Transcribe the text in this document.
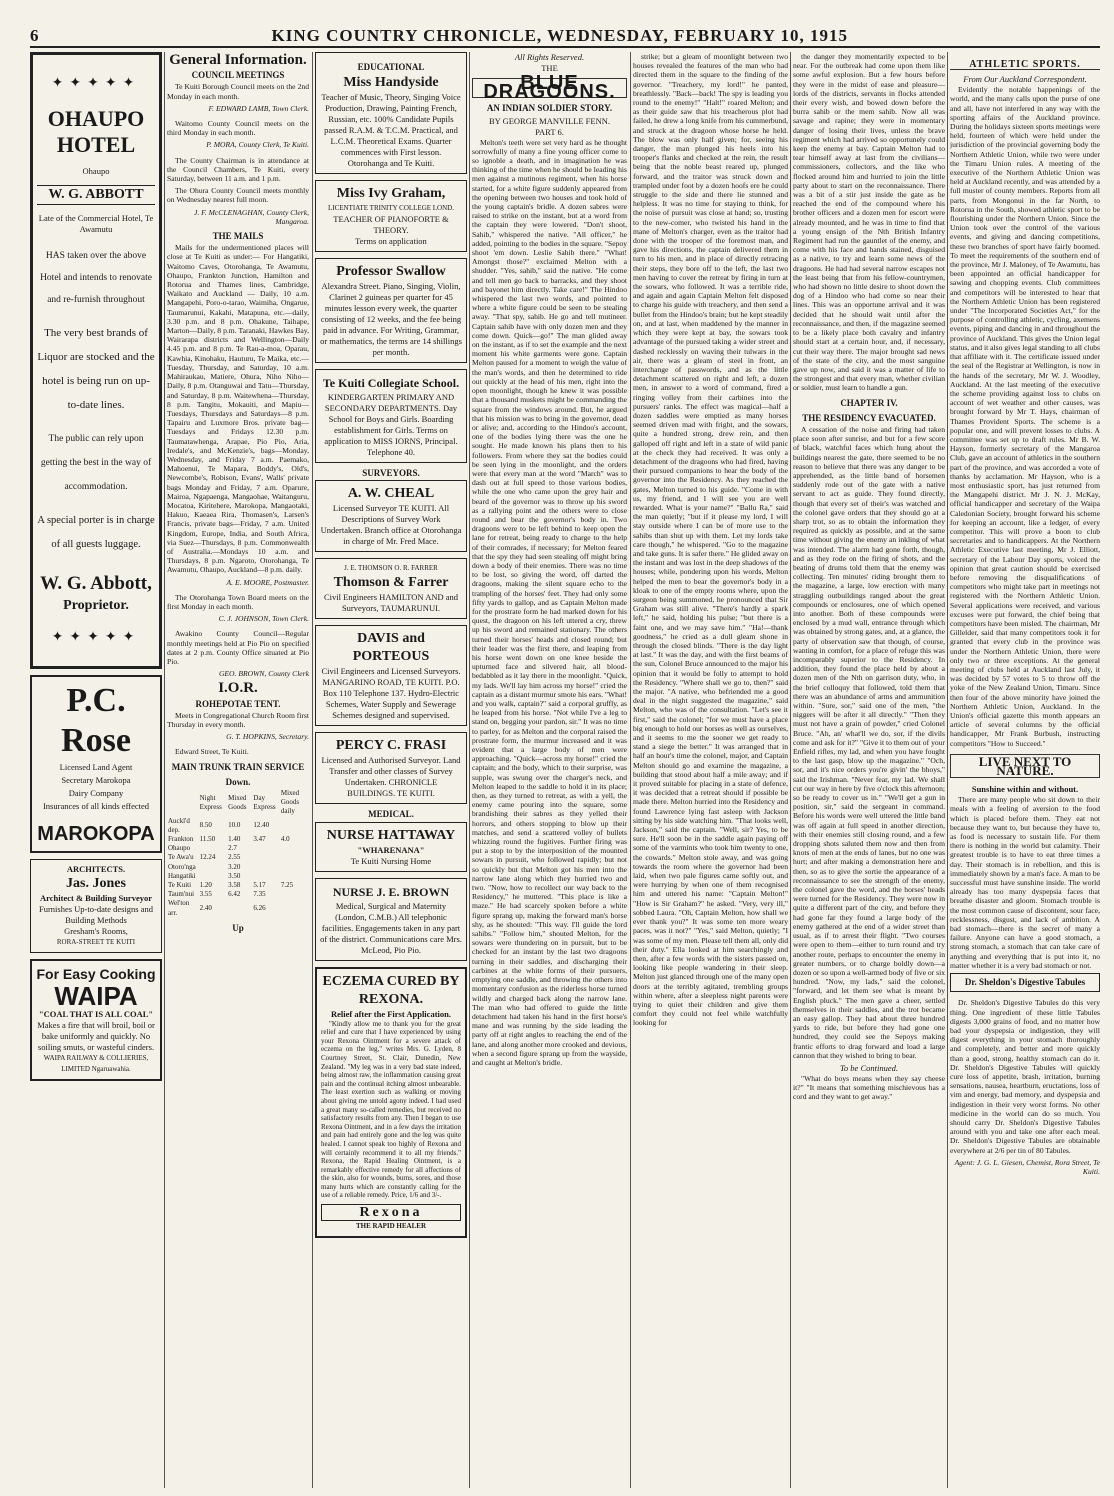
6	KING COUNTRY CHRONICLE, WEDNESDAY, FEBRUARY 10, 1915
✦✦✦✦✦
OHAUPO
HOTEL
Ohaupo
W. G. ABBOTT
Late of the Commercial Hotel, Te Awamutu
HAS taken over the above Hotel and intends to renovate and re-furnish throughout
The very best brands of Liquor are stocked and the hotel is being run on up-to-date lines.
The public can rely upon getting the best in the way of accommodation.
A special porter is in charge of all guests luggage.
W. G. Abbott,
Proprietor.
✦✦✦✦✦
P.C. Rose
Licensed Land Agent
Secretary Marokopa
Dairy Company
Insurances of all kinds effected
MAROKOPA
ARCHITECTS.
Jas. Jones
Architect & Building Surveyor
Furnishes Up-to-date designs and Building Methods
Gresham's Rooms,
RORA-STREET TE KUITI
For Easy Cooking
WAIPA
"COAL THAT IS ALL COAL"
Makes a fire that will broil, boil or bake uniformly and quickly. No soiling smuts, or wasteful cinders.
WAIPA RAILWAY & COLLIERIES, LIMITED Ngaruawahia.
General Information.
COUNCIL MEETINGS

Te Kuiti Borough Council meets on the 2nd Monday in each month.

F. EDWARD LAMB, Town Clerk.

Waitomo County Council meets on the third Monday in each month.

P. MORA, County Clerk, Te Kuiti.

The County Chairman is in attendance at the Council Chambers, Te Kuiti, every Saturday, between 11 a.m. and 1 p.m.

The Ohura County Council meets monthly on Wednesday nearest full moon.

J. F. McCLENAGHAN, County Clerk, Mangaroa.
THE MAILS

Mails for the undermentioned places will close at Te Kuiti as under:— For Hangatiki, Waitomo Caves, Otorohanga, Te Awamutu, Ohaupo, Frankton Junction, Hamilton and Rotorua and Thames lines, Cambridge, Waikato and Auckland — Daily, 10 a.m. Mangapehi, Poro-o-tarao, Waimiha, Ongarue, Taumarunui, Kakahi, Matapuna, etc.—daily, 3.30 p.m. and 8 p.m. Ohakune, Taihape, Marton—Daily, 8 p.m. Taranaki, Hawkes Bay, Wairarapa districts and Wellington—Daily 4.45 p.m. and 8 p.m. Te Rau-a-moa, Oparau, Kawhia, Kinohaku, Hauturu, Te Maika, etc.—Tuesday, Thursday, and Saturday, 10 a.m. Mahiraukau, Matiere, Ohura, Niho Niho—Daily, 8 p.m. Otanguwai and Tatu—Thursday, and Saturday, 8 p.m. Waitewhena—Thursday, 8 p.m. Tangitu, Mokauiti, and Mapiu—Tuesdays, Thursdays and Saturdays—8 p.m. Tapairu and Luxmore Bros. private bag—Tuesdays and Fridays 12.30 p.m. Taumatawhenga, Arapae, Pio Pio, Aria, Iredale's, and McKenzie's, bags—Monday, Wednesday, and Friday 7 a.m. Paemako, Mahoenui, Te Mapara, Boddy's, Old's, Newcombe's, Robison, Evans', Walls' private bags Monday and Friday, 7 a.m. Oparure, Mairoa, Ngapaenga, Mangaohae, Waitanguru, Mocatoa, Kiritehere, Marokopa, Mangaotaki, Hakuo, Kaeaea Rira, Thomasen's, Larsen's Francis, private bags—Friday, 7 a.m. United Kingdom, Europe, India, and South Africa, via Suez—Thursdays, 8 p.m. Commonwealth of Australia.—Mondays 10 a.m. and Thursdays, 8 p.m. Ngaroto, Otorohanga, Te Awamutu, Ohaupo, Auckland—8 p.m. daily.

A. E. MOORE, Postmaster.

The Otorohanga Town Board meets on the first Monday in each month.

C. J. JOHNSON, Town Clerk.

Awakino County Council—Regular monthly meetings held at Pio Pio on specified dates at 2 p.m. County Office situated at Pio Pio.

GEO. BROWN, County Clerk
I.O.R.
ROHEPOTAE TENT.

Meets in Congregational Church Room first Thursday in every month.

G. T. HOPKINS, Secretary.

Edward Street, Te Kuiti.

MAIN TRUNK TRAIN SERVICE
Down.
	Night Express	Mixed Goods	Day Express	Mixed Goods daily
Auckl'd dep.	8.50	10.0	12.40	
Frankton	11.50	1.40	3.47	4.0
Ohaupo		2.7		
Te Awa'u	12.24	2.55		
Otoro'nga		3.20		
Hangatiki		3.50		
Te Kuiti	1.20	3.58	5.17	7.25
Taum'nui	3.55	6.42	7.35	
Wel'ton arr.	2.40		6.26	
Up
EDUCATIONAL
Miss Handyside
Teacher of Music, Theory, Singing Voice Production, Drawing, Painting French, Russian, etc. 100% Candidate Pupils passed R.A.M. & T.C.M. Practical, and L.C.M. Theoretical Exams. Quarter commences with First lesson. Otorohanga and Te Kuiti.
Miss Ivy Graham,
LICENTIATE TRINITY COLLEGE LOND.
TEACHER OF PIANOFORTE & THEORY.
Terms on application
Professor Swallow
Alexandra Street. Piano, Singing, Violin, Clarinet 2 guineas per quarter for 45 minutes lesson every week, the quarter consisting of 12 weeks, and the fee being paid in advance. For Writing, Grammar, or mathematics, the terms are 14 shillings per month.
Te Kuiti Collegiate School.
KINDERGARTEN PRIMARY AND SECONDARY DEPARTMENTS. Day School for Boys and Girls. Boarding establishment for Girls. Terms on application to MISS IORNS, Principal. Telephone 40.
SURVEYORS.
A. W. CHEAL
Licensed Surveyor TE KUITI. All Descriptions of Survey Work Undertaken. Branch office at Otorohanga in charge of Mr. Fred Mace.
J. E. THOMSON O. R. FARRER
Thomson & Farrer
Civil Engineers HAMILTON AND and Surveyors, TAUMARUNUI.
DAVIS and PORTEOUS
Civil Engineers and Licensed Surveyors. MANGARINO ROAD, TE KUITI. P.O. Box 110 Telephone 137. Hydro-Electric Schemes, Water Supply and Sewerage Schemes designed and supervised.
PERCY C. FRASI
Licensed and Authorised Surveyor. Land Transfer and other classes of Survey Undertaken. CHRONICLE BUILDINGS. TE KUITI.
MEDICAL.
NURSE HATTAWAY
"WHARENANA"
Te Kuiti Nursing Home
NURSE J. E. BROWN
Medical, Surgical and Maternity (London, C.M.B.) All telephonic facilities. Engagements taken in any part of the district. Communications care Mrs. McLeod, Pio Pio.
ECZEMA CURED BY REXONA.
Relief after the First Application.

"Kindly allow me to thank you for the great relief and cure that I have experienced by using your Rexona Ointment for a severe attack of eczema on the leg," writes Mrs. G. Lyden, 8 Courtney Street, St. Clair, Dunedin, New Zealand. "My leg was in a very bad state indeed, being almost raw, the inflammation causing great pain and the continual itching almost unbearable. The least exertion such as walking or moving about giving me untold agony indeed. I had used a great many so-called remedies, but received no satisfactory results from any. Then I began to use Rexona Ointment, and in a few days the irritation and pain had entirely gone and the leg was quite healed. I cannot speak too highly of Rexona and will certainly recommend it to all my friends." Rexona, the Rapid Healing Ointment, is a remarkably effective remedy for all affections of the skin, also for wounds, burns, sores, and those many hurts which are constantly calling for the use of a reliable remedy. Price, 1/6 and 3/-.

Rexona
THE RAPID HEALER
All Rights Reserved.
THE
BLUE DRAGOONS.
AN INDIAN SOLDIER STORY.
BY GEORGE MANVILLE FENN.
PART 6.

Melton's teeth were set very hard as he thought sorrowfully of many a fine young officer come to so ignoble a death, and in imagination he was thinking of the time when he should be leading his men against a mutinous regiment, when his horse started, for a white figure suddenly appeared from the opening between two houses and took hold of the young captain's bridle. A dozen sabres were raised to strike on the instant, but at a word from the captain they were lowered. "Don't shoot, Sahib," whispered the native. "All officer," he added, pointing to the bodies in the square. "Sepoy shoot 'em down. Leslie Sahib there." "What! Amongst those?" exclaimed Melton with a shudder. "Yes, sahib," said the native. "He come and tell men go back to barracks, and they shoot and bayonet him directly. Take care!" The Hindoo whispered the last two words, and pointed to where a white figure could be seen to be stealing away. "That spy, sahib. He go and tell mutineer. Captain sahib have with only dozen men and they come down. Quick—go!" The man glided away on the instant, as if to set the example and the next moment his white garments were gone. Captain Melton paused for a moment to weigh the value of the man's words, and then he determined to ride out quickly at the head of his men, right into the open moonlight, though he knew it was possible that a thousand muskets might be commanding the square from the windows around. But, he argued that his mission was to bring in the governor, dead or alive; and, according to the Hindoo's account, one of the bodies lying there was the one he sought. He made known his plans then to his followers. From where they sat the bodies could be seen lying in the moonlight, and the orders were that every man at the word "March" was to dash out at full speed to those various bodies, while the one who came upon the grey hair and beard of the governor was to throw up his sword as a rallying point and the others were to close round and bear the governor's body in. Two dragoons were to be left behind to keep open the lane for retreat, being ready to charge to the help of their comrades, if necessary; for Melton feared that the spy they had seen stealing off might bring down a body of their enemies. There was no time to be lost, so giving the word, off darted the dragoons, making the silent square echo to the trampling of the horses' feet. They had only some fifty yards to gallop, and as Captain Melton made for the prostrate form he had marked down for his quest, the dragoon on his left uttered a cry, threw up his sword and remained stationary. The others turned their horses' heads and closed round; but their leader was the first there, and leaping from his horse went down on one knee beside the upturned face and silvered hair, all blood-bedabbled as it lay there in the moonlight. "Quick, my lads. We'll lay him across my horse!" cried the captain as a distant murmur smote his ears. "What! and you walk, captain?" said a corporal gruffly, as he leaped from his horse. "Not while I've a leg to stand on, begging your pardon, sir." It was no time to parley, for as Melton and the corporal raised the prostrate form, the murmur increased and it was evident that a large body of men were approaching. "Quick—across my horse!" cried the captain; and the body, which to their surprise, was supple, was swung over the charger's neck, and Melton leaped to the saddle to hold it in its place; then, as they turned to retreat, as with a yell, the enemy came pouring into the square, some brandishing their sabres as they yelled their horrors, and others stopping to blow up their matches, and send a scattered volley of bullets whizzing round the fugitives. Further firing was put a stop to by the interposition of the mounted sowars in pursuit, who followed rapidly; but not so quickly but that Melton got his men into the narrow lane along which they hurried two and two. "Now, how to recollect our way back to the Residency," he muttered. "This place is like a maze." He had scarcely spoken before a white figure sprang up, making the forward man's horse shy, as he shouted: "This way. I'll guide the lord sahibs." "Follow him," shouted Melton, for the sowars were thundering on in pursuit, but to be checked for an instant by the last two dragoons turning in their saddles, and discharging their carbines at the white forms of their pursuers, emptying one saddle, and throwing the others into momentary confusion as the riderless horse turned wildly and charged back along the narrow lane. The man who had offered to guide the little detachment had taken his hand in the first horse's mane and was running by the side leading the party off at right angles to reaching the end of the lane, and along another more crooked and devious, when a second figure sprang up from the wayside, and caught at Melton's bridle.

strike; but a gleam of moonlight between two houses revealed the features of the man who had directed them in the square to the finding of the governor. "Treachery, my lord!" he panted, breathlessly. "Back—back! The spy is leading you round to the enemy!" "Halt!" roared Melton; and as their guide saw that his treacherous plot had failed, he drew a long knife from his cummerbund, and struck at the dragoon whose horse he held. The blow was only half given; for, seeing his danger, the man plunged his heels into his trooper's flanks and checked at the rein, the result being that the noble beast reared up, plunged forward, and the traitor was struck down and trampled under foot by a dozen hoofs ere he could struggle to the side and there lie stunned and helpless. It was no time for staying to think, for the noise of pursuit was close at hand; so, trusting to the new-comer, who twisted his hand in the mane of Melton's charger, even as the traitor had done with the trooper of the foremost man, and gave his directions, the captain delivered them in turn to his men, and in place of directly retracing their steps, they bore off to the left, the last two men having to cover the retreat by firing in turn at the sowars, who followed. It was a terrible ride, and again and again Captain Melton felt disposed to charge his guide with treachery, and then send a bullet from the Hindoo's brain; but he kept steadily on, and at last, when maddened by the manner in which they were kept at bay, the sowars took advantage of the pursued taking a wider street and dashed recklessly on waving their tulwars in the air, there was a gleam of steel in front, an interchange of passwords, and as the little detachment scattered on right and left, a dozen men, in answer to a word of command, fired a ringing volley from their carbines into the pursuers' ranks. The effect was magical—half a dozen saddles were emptied as many horses seemed driven mad with fright, and the sowars, quite a hundred strong, drew rein, and then galloped off right and left in a state of wild panic at the check they had received. It was only a detachment of the dragoons who had fired, having their pursued companions to hear the body of the governor into the Residency. As they reached the gates, Melton turned to his guide. "Come in with us, my friend, and I will see you are well rewarded. What is your name?" "Ballu Ra," said the man quietly; "but if it please my lord, I will stay outside where I can be of more use to the sahibs than shut up with them. Let my lords take care though," he whispered. "Go to the magazine and take guns. It is safer there." He glided away on the instant and was lost in the deep shadows of the houses; while, pondering upon his words, Melton helped the men to bear the governor's body in a kloak to one of the empty rooms where, upon the surgeon being summoned, he pronounced that Sir Graham was still alive. "There's hardly a spark left," he said, holding his pulse; "but there is a faint one, and we may save him." "Ha!—thank goodness," he cried as a dull gleam shone in through the closed blinds. "There is the day light at last." It was the day, and with the first beams of the sun, Colonel Bruce announced to the major his opinion that it would be folly to attempt to hold the Residency. "Where shall we go to, then?" said the major. "A native, who befriended me a good deal in the night suggested the magazine," said Melton, who was of the consultation. "Let's see it first," said the colonel; "for we must have a place big enough to hold our horses as well as ourselves, and it seems to me the sooner we get ready to stand a siege the better." It was arranged that in half an hour's time the colonel, major, and Captain Melton should go and examine the magazine, a building that stood about half a mile away; and if it proved suitable for placing in a state of defence, it was decided that a retreat should if possible be made there. Melton hurried into the Residency and found Lawrence lying fast asleep with Jackson sitting by his side watching him. "That looks well, Jackson," said the captain. "Well, sir? Yes, to be sure. He'll soon be in the saddle again paying off some of the varmints who took him twenty to one, the cowards." Melton stole away, and was going towards the room where the governor had been laid, when two pale figures came softly out, and were hurrying by when one of them recognised him and uttered his name: "Captain Melton!" "How is Sir Graham?" he asked. "Very, very ill," sobbed Laura. "Oh, Captain Melton, how shall we ever thank you?" It was some ten more weary paces, was it not?" "Yes," said Melton, quietly; "I was some of my men. Please tell them all, only did their duty." Ella looked at him searchingly and then, after a few words with the sisters passed on, looking like people wandering in their sleep. Melton just glanced through one of the many open doors at the terribly agitated, trembling groups within where, after a sleepless night parents were trying to quiet their children and give them comfort they could not feel while watchfully looking for

the danger they momentarily expected to be near. For the outbreak had come upon them like some awful explosion. But a few hours before they were in the midst of ease and pleasure—lords of the districts, servants in flocks attended their every wish, and bowed down before the burra sahib or the mem sahib. Now all was savage and rapine; they were in momentary danger of losing their lives, unless the brave regiment which had arrived so opportunely could keep the enemy at bay. Captain Melton had to tear himself away at last from the civilians—commissioners, collectors, and the like who flocked around him and hurried to join the little party about to start on the reconnaissance. There was a bit of a stir just inside the gate as he reached the end of the compound where his brother officers and a dozen men for escort were already mounted, and he was in time to find that a young ensign of the Nth British Infantry Regiment had run the gauntlet of the enemy, and come with his face and hands stained, disguised as a native, to try and learn some news of the dragoons. He had had several narrow escapes not the least being that from his fellow-countrymen, who had shown no little desire to shoot down the dog of a Hindoo who had come so near their lines. This was an opportune arrival and it was decided that he should wait until after the reconnaissance, and then, if the magazine seemed to be a likely place both cavalry and infantry should start at a certain hour, and, if necessary, cut their way there. The major brought sad news of the state of the city, and the most sanguine gave up now, and said it was a matter of life to the strongest and that every man, whether civilian or soldier, must learn to handle a gun.

CHAPTER IV.
THE RESIDENCY EVACUATED.

A cessation of the noise and firing had taken place soon after sunrise, and but for a few score of black, watchful faces which hung about the buildings nearest the gate, there seemed to be no reason to believe that there was any danger to be apprehended, as the little band of horsemen suddenly rode out of the gate with a native servant to act as guide. They found directly, though that every set of their's was watched and the colonel gave orders that they should go at a sharp trot, so as to obtain the information they required as quickly as possible, and at the same time without giving the enemy an inkling of what was intended. The alarm had gone forth, though, and as they rode on the firing of shots, and the beating of drums told them that the enemy was collecting. Ten minutes' riding brought them to the magazine, a large, low erection with many straggling outbuildings ranged about the great compounds or enclosures, one of which opened into another. Both of these compounds were enclosed by a mud wall, entrance through which was obtained by strong gates, and, at a glance, the party of observation saw that though, of course, wanting in comfort, for a place of refuge this was incomparably superior to the Residency. In addition, they found the place held by about a dozen men of the Nth on garrison duty, who, in the brief colloquy that followed, told them that there was an abundance of arms and ammunition within. "Sure, sor," said one of the men, "the niggers will be after it all directly." "Then they must not have a grain of powder," cried Colonel Bruce. "Ah, an' what'll we do, sor, if the divils come and ask for it?" "Give it to them out of your Enfield rifles, my lad, and when you have fought to the last gasp, blow up the magazine." "Och, sor, and it's nice orders you're givin' the bhoys," said the Irishman. "Never fear, my lad. We shall cut our way in here by five o'clock this afternoon; so be ready to cover us in." "We'll get a gun in position, sir," said the sergeant in command. Before his words were well uttered the little band was off again at full speed in another direction, with their enemies still closing round, and a few dropping shots saluted them now and then from knots of men at the ends of lanes, but no one was hurt; and after making a demonstration here and then, so as to give the sortie the appearance of a reconnaissance to see the strength of the enemy, the colonel gave the word, and the horses' heads were turned for the Residency. They were now in quite a different part of the city, and before they had gone far they found a large body of the enemy gathered at the end of a wider street than usual, as if to arrest their flight. "Two courses were open to them—either to turn round and try another route, perhaps to encounter the enemy in greater numbers, or to charge boldly down—a dozen or so upon a well-armed body of five or six hundred. "Now, my lads," said the colonel, "forward, and let them see what is meant by English pluck." The men gave a cheer, settled themselves in their saddles, and the trot became an easy gallop. They had about three hundred yards to ride, but before they had gone one hundred, they could see the Sepoys making frantic efforts to drag forward and load a large cannon that they wished to bring to bear.

To be Continued.

"What do boys means when they say cheese it?" "It means that something mischievous has a cord and they want to get away."

ATHLETIC SPORTS.
From Our Auckland Correspondent.

Evidently the notable happenings of the world, and the many calls upon the purse of one and all, have not interfered in any way with the sporting affairs of the Auckland province. During the holidays sixteen sports meetings were held, fourteen of which were held under the jurisdiction of the provincial governing body the Northern Athletic Union, while two were under the Timaru Union rules. A meeting of the executive of the Northern Athletic Union was held at Auckland recently, and was attended by a full muster of county members. Reports from all parts, from Mongonui in the far North, to Rotorua in the South, showed athletic sport to be flourishing under the Northern Union. Since the Union took over the control of the various events, and giving and dancing competitions, these two branches of sport have fairly boomed. To meet the requirements of the southern end of the province, Mr J. Maloney, of Te Awamutu, has been appointed an official handicapper for sawing and chopping events. Club committees and competitors will be interested to hear that the Northern Athletic Union has been registered under "The Incorporated Societies Act," for the purpose of controlling athletic, cycling, axemens events, piping and dancing in and throughout the province of Auckland. This gives the Union legal status, and it also gives legal standing to all clubs that affiliate with it. The certificate issued under the seal of the Registrar at Wellington, is now in the hands of the secretary, Mr W. J. Woodley, Auckland. At the last meeting of the executive the scheme providing against loss to clubs on account of wet weather and other causes, was brought forward by Mr T. Hays, chairman of Thames Provident Sports. The scheme is a popular one, and will prevent losses to clubs. A committee was set up to draft rules. Mr B. W. Hayson, formerly secretary of the Mangaroa Club, gave an account of athletics in the southern part of the province, and was accorded a vote of thanks by acclamation. Mr Hayson, who is a most enthusiastic sport, has just returned from the Mangapehi district. Mr J. N. J. McKay, official handicapper and secretary of the Waipa Caledonian Society, brought forward his scheme for keeping an account, like a ledger, of every competitor. This will prove a boon to club secretaries and to handicappers. At the Northern Athletic Executive last meeting, Mr J. Elliott, secretary of the Labour Day sports, voiced the opinion that great caution should be exercised before removing the disqualifications of competitors who might take part in meetings not registered with the Northern Athletic Union. Several applications were received, and various excuses were put forward, the chief being that competitors have been misled. The chairman, Mr Gillelder, said that many competitors took it for granted that every club in the province was under the Northern Athletic Union, there were only two or three exceptions. At the general meeting of clubs held at Auckland last July, it was decided by 57 votes to 5 to throw off the yoke of the New Zealand Union, Timaru. Since then four of the above minority have joined the Northern Athletic Union, Auckland. In the Union's official gazette this month appears an article of several columns by the official handicapper, Mr Frank Burbush, instructing competitors "How to Succeed."

LIVE NEXT TO NATURE.
Sunshine within and without.

There are many people who sit down to their meals with a feeling of aversion to the food which is placed before them. They eat not because they want to, but because they have to, as food is necessary to sustain life. For them there is nothing in the world but calamity. Their greatest trouble is to have to eat three times a day. Their stomach is in rebellion, and this is immediately shown by a man's face. A man to be successful must have sunshine inside. The world already has too many dyspepsia faces that breathe disaster and gloom. Stomach trouble is the most common cause of discontent, sour face, recklessness, disgust, and lack of ambition. A bad stomach—there is the secret of many a failure. Anyone can have a good stomach, a strong stomach, a stomach that can take care of anything and everything that is put into it, no matter whether it is a very bad stomach or not.

Dr. Sheldon's Digestive Tabules

Dr. Sheldon's Digestive Tabules do this very thing. One ingredient of these little Tabules digests 3,000 grains of food, and no matter how bad your dyspepsia or indigestion, they will digest everything in your stomach thoroughly and completely, and better and more quickly than a good, strong, healthy stomach can do it. Dr. Sheldon's Digestive Tabules will quickly cure loss of appetite, brash, irritation, burning sensations, nausea, heartburn, eructations, loss of vim and energy, bad memory, and dyspepsia and indigestion in their very worst forms. No other medicine in the world can do so much. You should carry Dr. Sheldon's Digestive Tabules around with you and take one after each meal. Dr. Sheldon's Digestive Tabules are obtainable everywhere at 2/6 per tin of 80 Tabules.

Agent: J. G. L. Giesen, Chemist, Rora Street, Te Kuiti.
